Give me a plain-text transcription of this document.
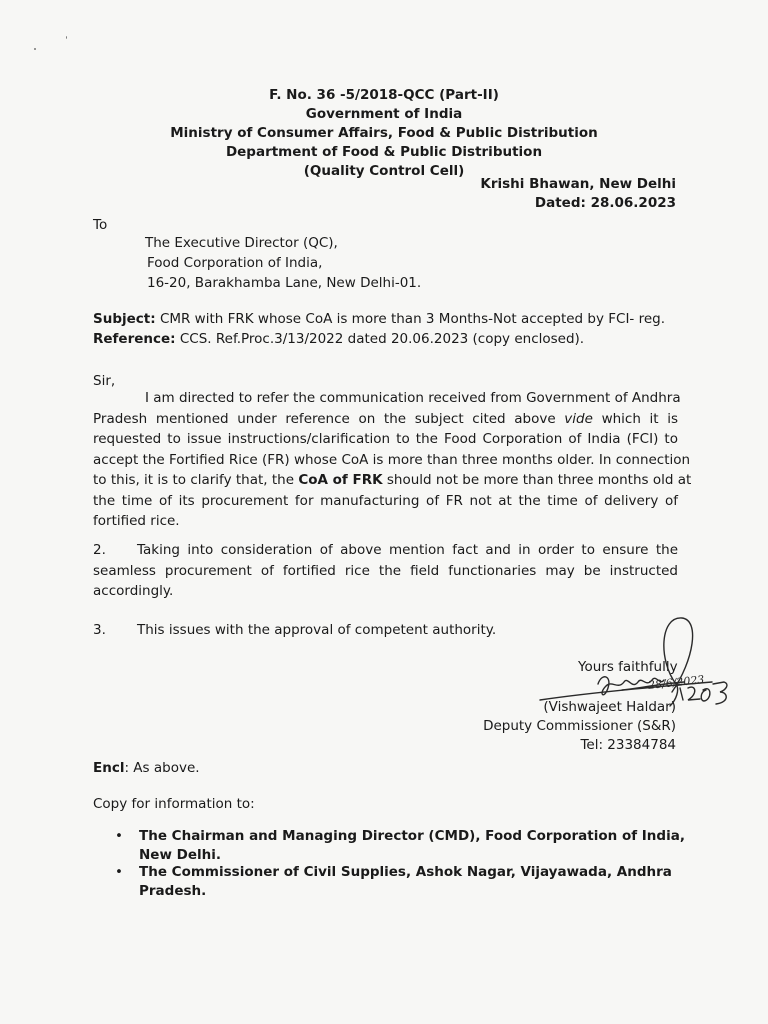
F. No. 36 -5/2018-QCC (Part-II)
Government of India
Ministry of Consumer Affairs, Food & Public Distribution
Department of Food & Public Distribution
(Quality Control Cell)
Krishi Bhawan, New Delhi
Dated: 28.06.2023
To
The Executive Director (QC),
Food Corporation of India,
16-20, Barakhamba Lane, New Delhi-01.
Subject: CMR with FRK whose CoA is more than 3 Months-Not accepted by FCI- reg.
Reference: CCS. Ref.Proc.3/13/2022 dated 20.06.2023 (copy enclosed).
Sir,
I am directed to refer the communication received from Government of Andhra
Pradesh mentioned under reference on the subject cited above vide which it is
requested to issue instructions/clarification to the Food Corporation of India (FCI) to
accept the Fortified Rice (FR) whose CoA is more than three months older. In connection
to this, it is to clarify that, the CoA of FRK should not be more than three months old at
the time of its procurement for manufacturing of FR not at the time of delivery of
fortified rice.
2. Taking into consideration of above mention fact and in order to ensure the
seamless procurement of fortified rice the field functionaries may be instructed
accordingly.
3. This issues with the approval of competent authority.
Yours faithfully
28/6/2023
(Vishwajeet Haldar)
Deputy Commissioner (S&R)
Tel: 23384784
Encl: As above.
Copy for information to:
• The Chairman and Managing Director (CMD), Food Corporation of India,
New Delhi.
• The Commissioner of Civil Supplies, Ashok Nagar, Vijayawada, Andhra
Pradesh.
